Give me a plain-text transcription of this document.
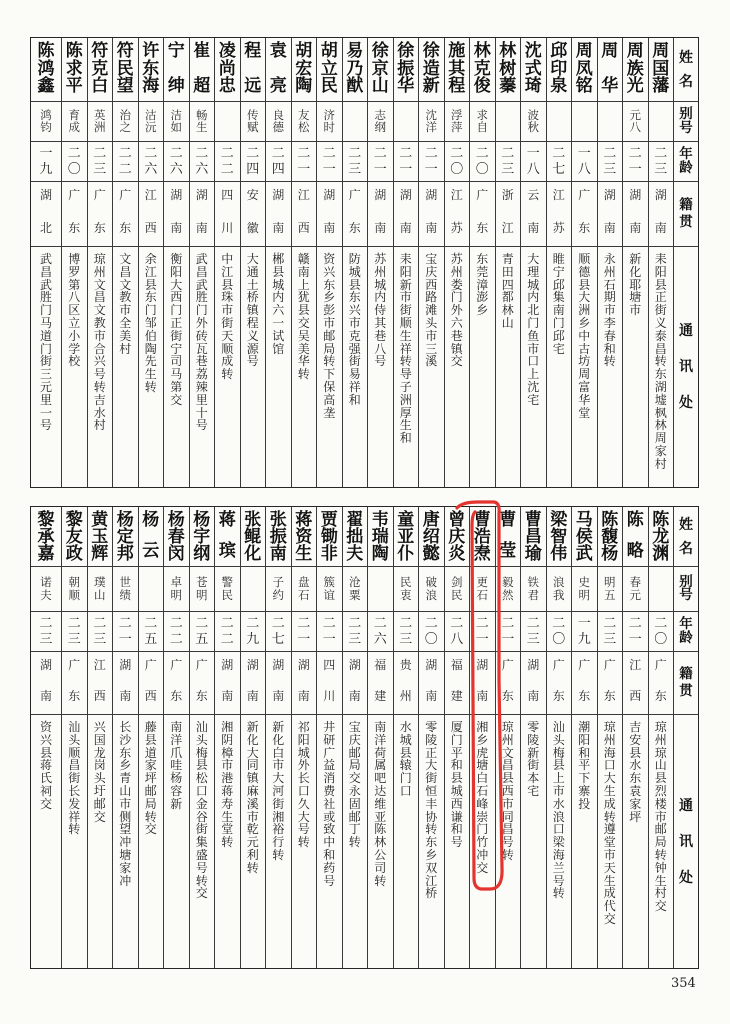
姓
名
别
号
年
龄
籍
贯
通
讯
处
周
国
藩
二
三
湖
南
耒
阳
县
正
街
义
泰
昌
转
东
湖
墟
枫
林
周
家
村
周
族
光
元
八
二
一
湖
南
新
化
耶
塘
市
周
华
二
三
湖
南
永
州
石
期
市
李
春
和
转
周
凤
铭
一
八
广
东
顺
德
县
大
洲
乡
中
古
坊
周
富
华
堂
邱
印
泉
二
七
江
苏
睢
宁
邱
集
南
门
邱
宅
沈
式
琦
波
秋
一
八
云
南
大
理
城
内
北
门
鱼
市
口
上
沈
宅
林
树
蓁
二
三
浙
江
青
田
四
都
林
山
林
克
俊
求
自
二
〇
广
东
东
莞
漳
澎
乡
施
其
程
浮
萍
二
〇
江
苏
苏
州
娄
门
外
六
巷
镇
交
徐
造
新
沈
洋
二
一
湖
南
宝
庆
西
路
滩
头
市
三
溪
徐
振
华
二
一
湖
南
耒
阳
新
市
街
顺
生
祥
转
导
子
洲
厚
生
和
徐
京
山
志
纲
二
一
湖
南
苏
州
城
内
侍
其
巷
八
号
易
乃
猷
二
三
广
东
防
城
县
东
兴
市
克
强
街
易
祥
和
胡
立
民
济
时
二
一
湖
南
资
兴
东
乡
彭
市
邮
局
转
下
保
高
垄
胡
宏
陶
友
松
二
一
江
西
赣
南
上
犹
县
交
吴
美
华
转
袁
亮
良
德
二
四
湖
南
郴
县
城
内
六
一
试
馆
程
远
传
赋
二
四
安
徽
大
通
土
桥
镇
程
义
源
号
凌
尚
忠
二
二
四
川
中
江
县
珠
市
街
天
顺
成
转
崔
超
畅
生
二
六
湖
南
武
昌
武
胜
门
外
砖
瓦
巷
荔
辣
里
十
号
宁
绅
洁
如
二
六
湖
南
衡
阳
大
西
门
正
街
宁
司
马
第
交
许
东
海
沽
沅
二
六
江
西
余
江
县
东
门
邹
伯
陶
先
生
转
符
民
望
治
之
二
二
广
东
文
昌
文
教
市
全
美
村
符
克
白
英
洲
二
三
广
东
琼
州
文
昌
文
教
市
合
兴
号
转
吉
水
村
陈
求
平
育
成
二
〇
广
东
博
罗
第
八
区
立
小
学
校
陈
鸿
鑫
鸿
钧
一
九
湖
北
武
昌
武
胜
门
马
道
门
街
三
元
里
一
号
姓
名
别
号
年
龄
籍
贯
通
讯
处
陈
龙
渊
二
〇
广
东
琼
州
琼
山
县
烈
楼
市
邮
局
转
钟
生
村
交
陈
略
春
元
二
一
江
西
吉
安
县
水
东
袁
家
坪
陈
馥
杨
明
五
二
三
广
东
琼
州
海
口
大
生
成
转
遵
堂
市
天
生
成
代
交
马
侯
武
史
明
一
九
广
东
潮
阳
和
平
下
寨
投
梁
智
伟
浪
我
二
〇
广
东
汕
头
梅
县
上
市
水
浪
口
梁
海
兰
号
转
曹
昌
瑜
铁
君
二
三
湖
南
零
陵
新
街
本
宅
曹
莹
毅
然
二
一
广
东
琼
州
文
昌
县
西
市
同
昌
号
转
曹
浩
焘
更
石
二
一
湖
南
湘
乡
虎
塘
白
石
峰
崇
门
竹
冲
交
曾
庆
炎
剑
民
二
八
福
建
厦
门
平
和
县
城
西
谦
和
号
唐
绍
懿
破
浪
二
〇
湖
南
零
陵
正
大
街
恒
丰
协
转
东
乡
双
江
桥
童
亚
仆
民
衷
二
三
贵
州
水
城
县
辕
门
口
韦
瑞
陶
二
六
福
建
南
洋
荷
属
吧
达
维
亚
陈
林
公
司
转
翟
拙
夫
沧
粟
二
三
湖
南
宝
庆
邮
局
交
永
固
邮
丁
转
贾
锄
非
簇
谊
二
一
四
川
井
研
广
益
消
费
社
或
致
中
和
药
号
蒋
资
生
盘
石
二
一
湖
南
祁
阳
城
外
长
口
久
大
号
转
张
振
南
子
约
二
七
湖
南
新
化
白
市
大
河
街
湘
裕
行
转
张
鲲
化
二
九
湖
南
新
化
大
同
镇
麻
溪
市
乾
元
利
转
蒋
瑸
警
民
二
二
湖
南
湘
阴
樟
市
港
蒋
寿
生
堂
转
杨
宇
纲
苍
明
二
五
广
东
汕
头
梅
县
松
口
金
谷
街
集
盛
号
转
交
杨
春
闵
卓
明
二
二
广
东
南
洋
爪
哇
杨
容
新
杨
云
二
五
广
西
藤
县
道
家
坪
邮
局
转
交
杨
定
邦
世
绩
二
一
湖
南
长
沙
东
乡
青
山
市
侧
望
冲
塘
家
冲
黄
玉
辉
璞
山
二
三
江
西
兴
国
龙
岗
头
圩
邮
交
黎
友
政
朝
顺
二
三
广
东
汕
头
顺
昌
街
长
发
祥
转
黎
承
嘉
诺
夫
二
三
湖
南
资
兴
县
蒋
氏
祠
交
354
